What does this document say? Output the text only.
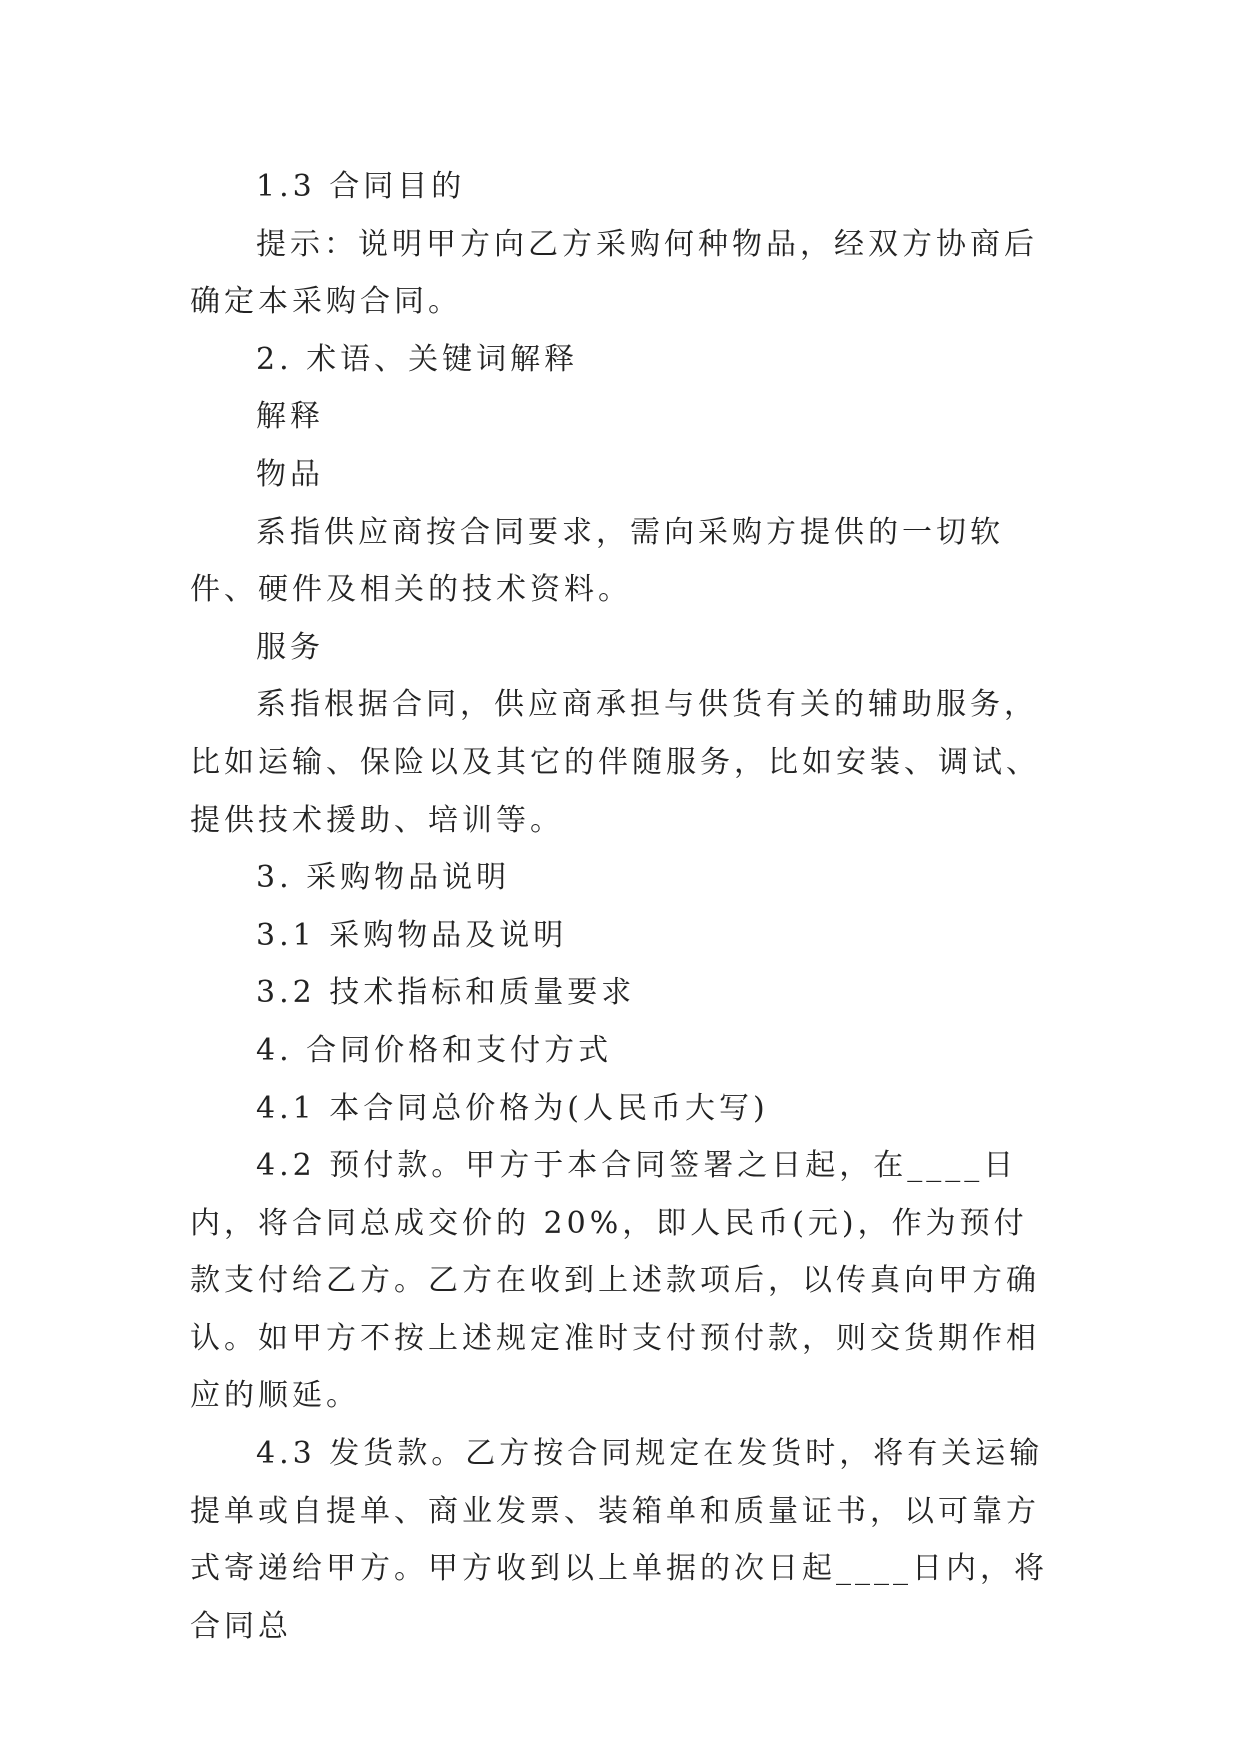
1.3 合同目的

提示：说明甲方向乙方采购何种物品，经双方协商后确定本采购合同。

2. 术语、关键词解释

解释

物品

系指供应商按合同要求，需向采购方提供的一切软件、硬件及相关的技术资料。

服务

系指根据合同，供应商承担与供货有关的辅助服务，比如运输、保险以及其它的伴随服务，比如安装、调试、提供技术援助、培训等。

3. 采购物品说明

3.1 采购物品及说明

3.2 技术指标和质量要求

4. 合同价格和支付方式

4.1 本合同总价格为(人民币大写)

4.2 预付款。甲方于本合同签署之日起，在____日内，将合同总成交价的 20%，即人民币(元)，作为预付款支付给乙方。乙方在收到上述款项后，以传真向甲方确认。如甲方不按上述规定准时支付预付款，则交货期作相应的顺延。

4.3 发货款。乙方按合同规定在发货时，将有关运输提单或自提单、商业发票、装箱单和质量证书，以可靠方式寄递给甲方。甲方收到以上单据的次日起____日内，将合同总
